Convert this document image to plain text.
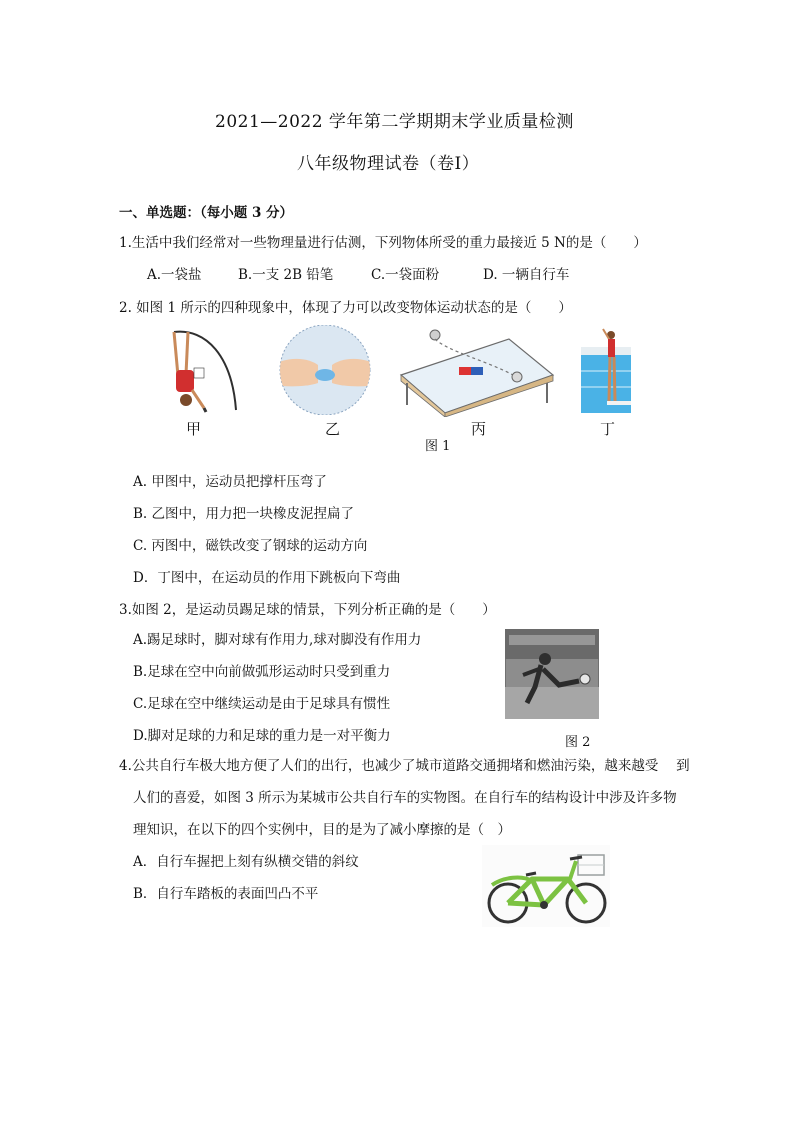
2021—2022 学年第二学期期末学业质量检测
八年级物理试卷（卷Ⅰ）
一、单选题：（每小题 3 分）
1.生活中我们经常对一些物理量进行估测，下列物体所受的重力最接近 5 N的是（　　）
A.一袋盐	B.一支 2B 铅笔	C.一袋面粉	D. 一辆自行车
2. 如图 1 所示的四种现象中，体现了力可以改变物体运动状态的是（　　）
甲	乙	丙	丁
图 1
A. 甲图中，运动员把撑杆压弯了
B. 乙图中，用力把一块橡皮泥捏扁了
C. 丙图中，磁铁改变了钢球的运动方向
D．丁图中，在运动员的作用下跳板向下弯曲
3.如图 2，是运动员踢足球的情景，下列分析正确的是（　　）
A.踢足球时，脚对球有作用力,球对脚没有作用力
B.足球在空中向前做弧形运动时只受到重力
C.足球在空中继续运动是由于足球具有惯性
D.脚对足球的力和足球的重力是一对平衡力	图 2
4.公共自行车极大地方便了人们的出行，也减少了城市道路交通拥堵和燃油污染，越来越受　 到
人们的喜爱，如图 3 所示为某城市公共自行车的实物图。在自行车的结构设计中涉及许多物
理知识，在以下的四个实例中，目的是为了减小摩擦的是（　）
A．自行车握把上刻有纵横交错的斜纹
B．自行车踏板的表面凹凸不平
